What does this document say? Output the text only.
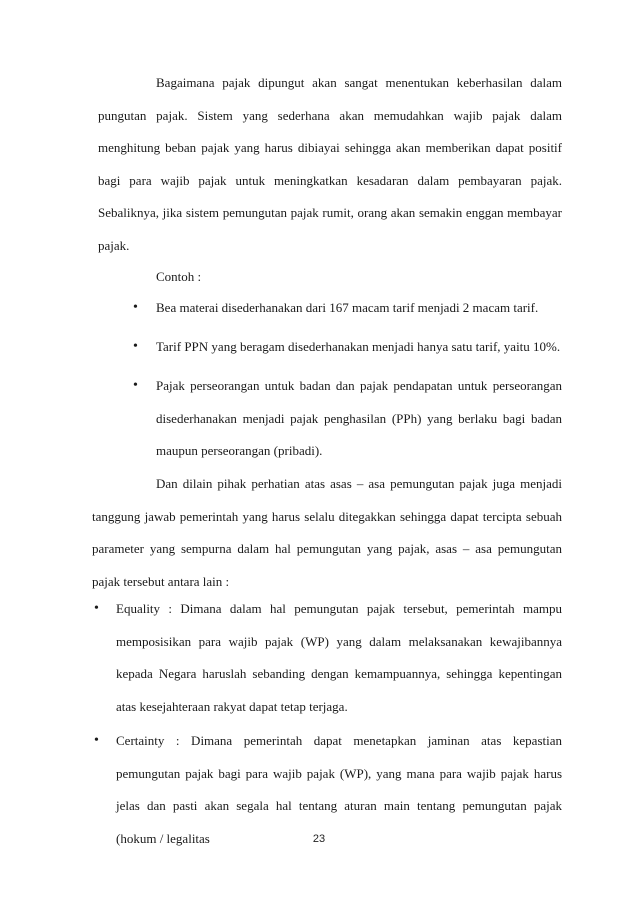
Bagaimana pajak dipungut akan sangat menentukan keberhasilan dalam pungutan pajak. Sistem yang sederhana akan memudahkan wajib pajak dalam menghitung beban pajak yang harus dibiayai sehingga akan memberikan dapat positif bagi para wajib pajak untuk meningkatkan kesadaran dalam pembayaran pajak. Sebaliknya, jika sistem pemungutan pajak rumit, orang akan semakin enggan membayar pajak.

Contoh :

• Bea materai disederhanakan dari 167 macam tarif menjadi 2 macam tarif.
• Tarif PPN yang beragam disederhanakan menjadi hanya satu tarif, yaitu 10%.
• Pajak perseorangan untuk badan dan pajak pendapatan untuk perseorangan disederhanakan menjadi pajak penghasilan (PPh) yang berlaku bagi badan maupun perseorangan (pribadi).

Dan dilain pihak perhatian atas asas – asa pemungutan pajak juga menjadi tanggung jawab pemerintah yang harus selalu ditegakkan sehingga dapat tercipta sebuah parameter yang sempurna dalam hal pemungutan yang pajak, asas – asa pemungutan pajak tersebut antara lain :

• Equality : Dimana dalam hal pemungutan pajak tersebut, pemerintah mampu memposisikan para wajib pajak (WP) yang dalam melaksanakan kewajibannya kepada Negara haruslah sebanding dengan kemampuannya, sehingga kepentingan atas kesejahteraan rakyat dapat tetap terjaga.
• Certainty : Dimana pemerintah dapat menetapkan jaminan atas kepastian pemungutan pajak bagi para wajib pajak (WP), yang mana para wajib pajak harus jelas dan pasti akan segala hal tentang aturan main tentang pemungutan pajak (hokum / legalitas	23
